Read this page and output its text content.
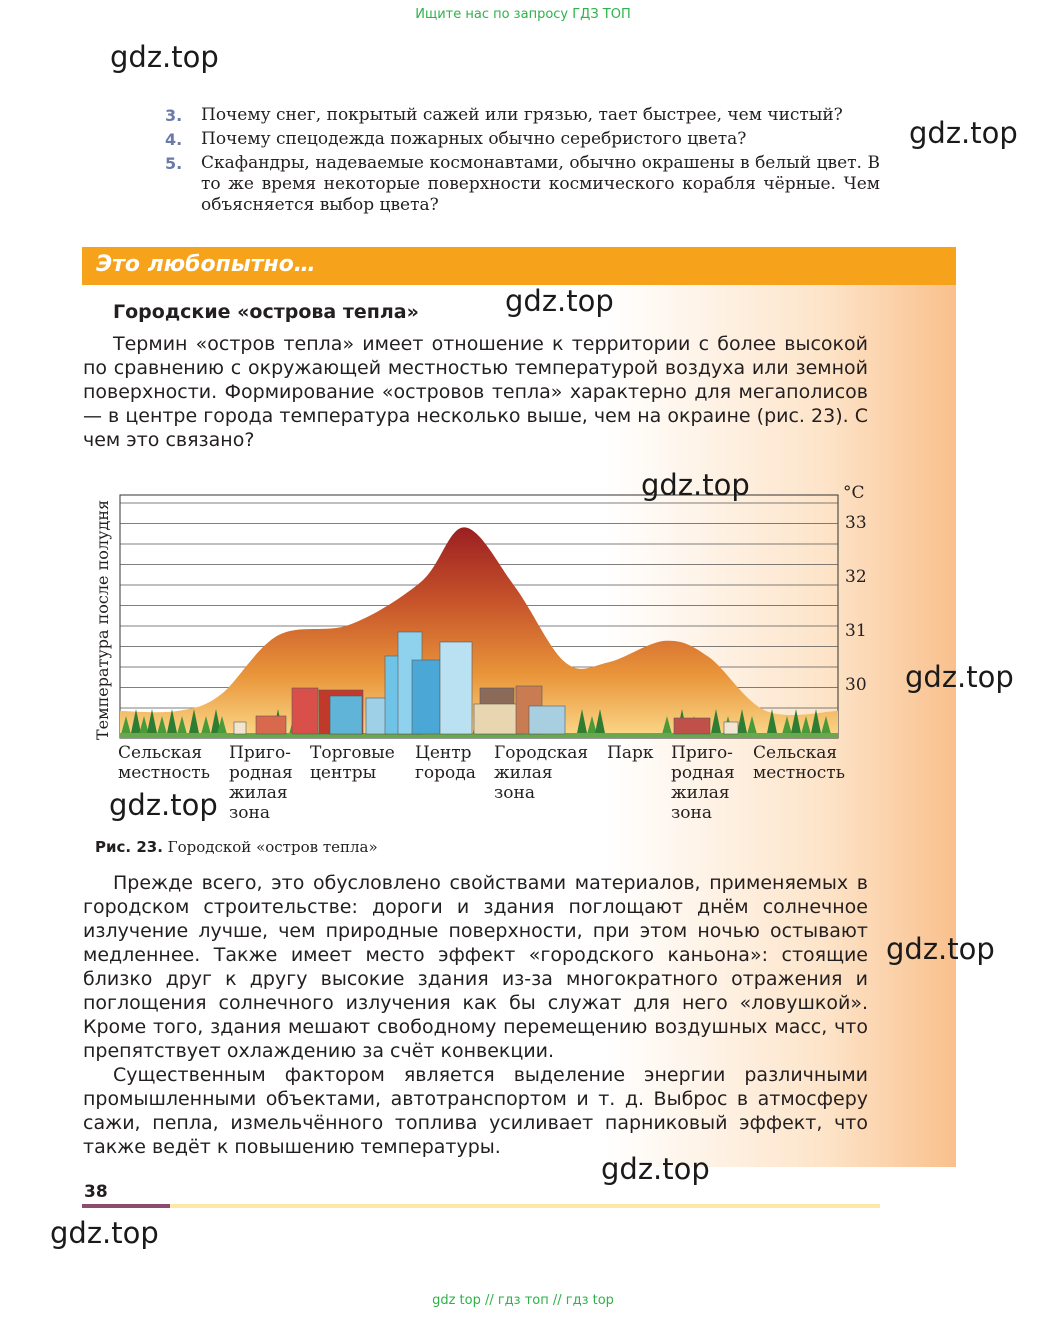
Ищите нас по запросу ГДЗ ТОП
gdz.top
gdz.top
3.	Почему снег, покрытый сажей или грязью, тает быстрее, чем чистый?
4.	Почему спецодежда пожарных обычно серебристого цвета?
5.	Скафандры, надеваемые космонавтами, обычно окрашены в белый цвет. В то же время некоторые поверхности космического корабля чёрные. Чем объясняется выбор цвета?
Это любопытно…
Городские «острова тепла»	gdz.top
Термин «остров тепла» имеет отношение к территории с более высокой по сравнению с окружающей местностью температурой воздуха или земной поверхности. Формирование «островов тепла» характерно для мегаполисов — в центре города температура несколько выше, чем на окраине (рис. 23). С чем это связано?
33
32
31
30
°C
Температура после полудня
Сельская
местность
Приго-
родная
жилая
зона
Торговые
центры
Центр
города
Городская
жилая
зона
Парк Приго-
родная
жилая
зона
Сельская
местность
gdz.top
gdz.top
gdz.top
Рис. 23. Городской «остров тепла»
Прежде всего, это обусловлено свойствами материалов, применяемых в городском строительстве: дороги и здания поглощают днём солнечное излучение лучше, чем природные поверхности, при этом ночью остывают медленнее. Также имеет место эффект «городского каньона»: стоящие близко друг к другу высокие здания из-за многократного отражения и поглощения солнечного излучения как бы служат для него «ловушкой». Кроме того, здания мешают свободному перемещению воздушных масс, что препятствует охлаждению за счёт конвекции.
gdz.top
Существенным фактором является выделение энергии различными промышленными объектами, автотранспортом и т. д. Выброс в атмосферу сажи, пепла, измельчённого топлива усиливает парниковый эффект, что также ведёт к повышению температуры.
gdz.top
38
gdz.top
gdz top // гдз топ // гдз top
